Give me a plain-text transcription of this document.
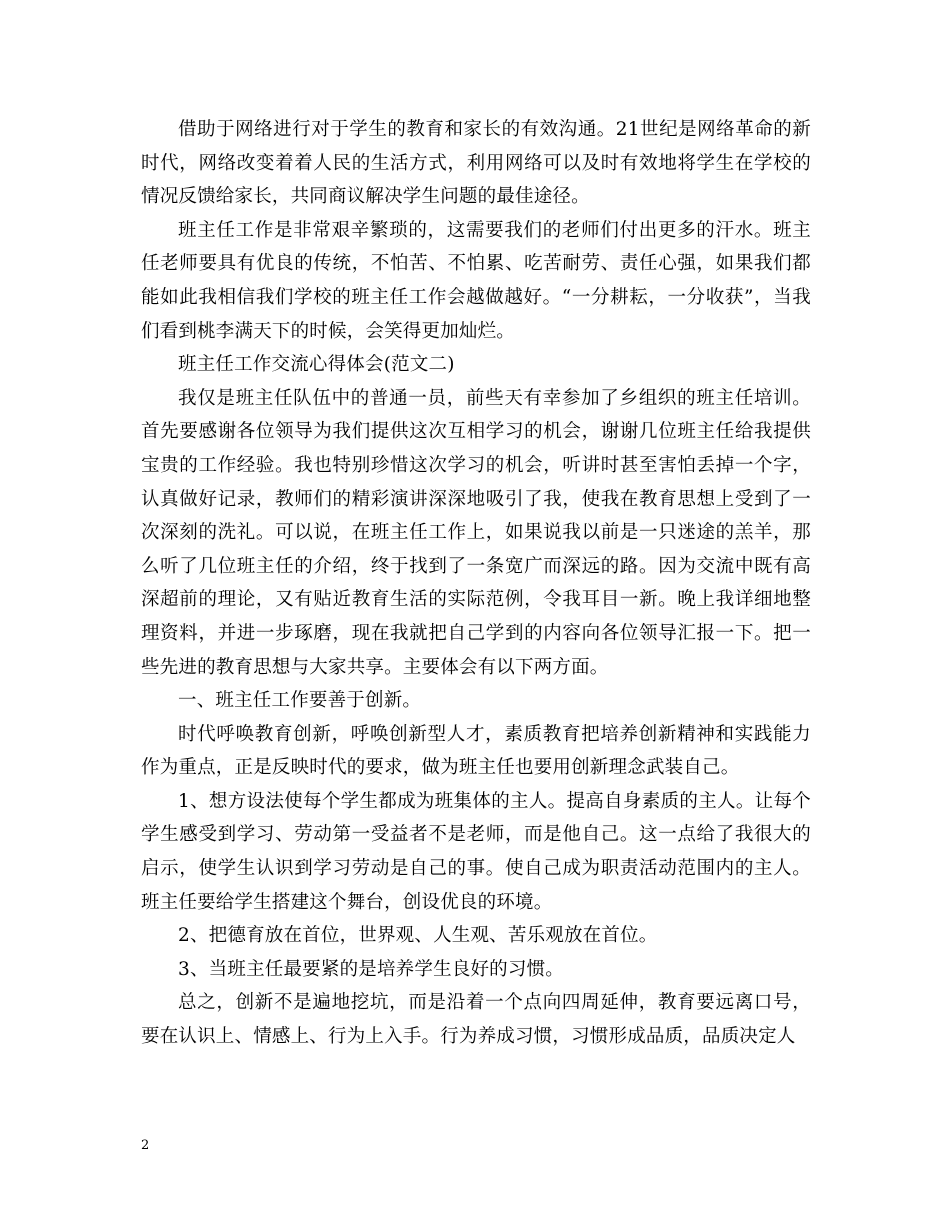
借助于网络进行对于学生的教育和家长的有效沟通。21世纪是网络革命的新时代，网络改变着着人民的生活方式，利用网络可以及时有效地将学生在学校的情况反馈给家长，共同商议解决学生问题的最佳途径。

班主任工作是非常艰辛繁琐的，这需要我们的老师们付出更多的汗水。班主任老师要具有优良的传统，不怕苦、不怕累、吃苦耐劳、责任心强，如果我们都能如此我相信我们学校的班主任工作会越做越好。“一分耕耘，一分收获”，当我们看到桃李满天下的时候，会笑得更加灿烂。

班主任工作交流心得体会(范文二)

我仅是班主任队伍中的普通一员，前些天有幸参加了乡组织的班主任培训。首先要感谢各位领导为我们提供这次互相学习的机会，谢谢几位班主任给我提供宝贵的工作经验。我也特别珍惜这次学习的机会，听讲时甚至害怕丢掉一个字，认真做好记录，教师们的精彩演讲深深地吸引了我，使我在教育思想上受到了一次深刻的洗礼。可以说，在班主任工作上，如果说我以前是一只迷途的羔羊，那么听了几位班主任的介绍，终于找到了一条宽广而深远的路。因为交流中既有高深超前的理论，又有贴近教育生活的实际范例，令我耳目一新。晚上我详细地整理资料，并进一步琢磨，现在我就把自己学到的内容向各位领导汇报一下。把一些先进的教育思想与大家共享。主要体会有以下两方面。

一、班主任工作要善于创新。

时代呼唤教育创新，呼唤创新型人才，素质教育把培养创新精神和实践能力作为重点，正是反映时代的要求，做为班主任也要用创新理念武装自己。

1、想方设法使每个学生都成为班集体的主人。提高自身素质的主人。让每个学生感受到学习、劳动第一受益者不是老师，而是他自己。这一点给了我很大的启示，使学生认识到学习劳动是自己的事。使自己成为职责活动范围内的主人。班主任要给学生搭建这个舞台，创设优良的环境。

2、把德育放在首位，世界观、人生观、苦乐观放在首位。

3、当班主任最要紧的是培养学生良好的习惯。

总之，创新不是遍地挖坑，而是沿着一个点向四周延伸，教育要远离口号，要在认识上、情感上、行为上入手。行为养成习惯，习惯形成品质，品质决定人

2
